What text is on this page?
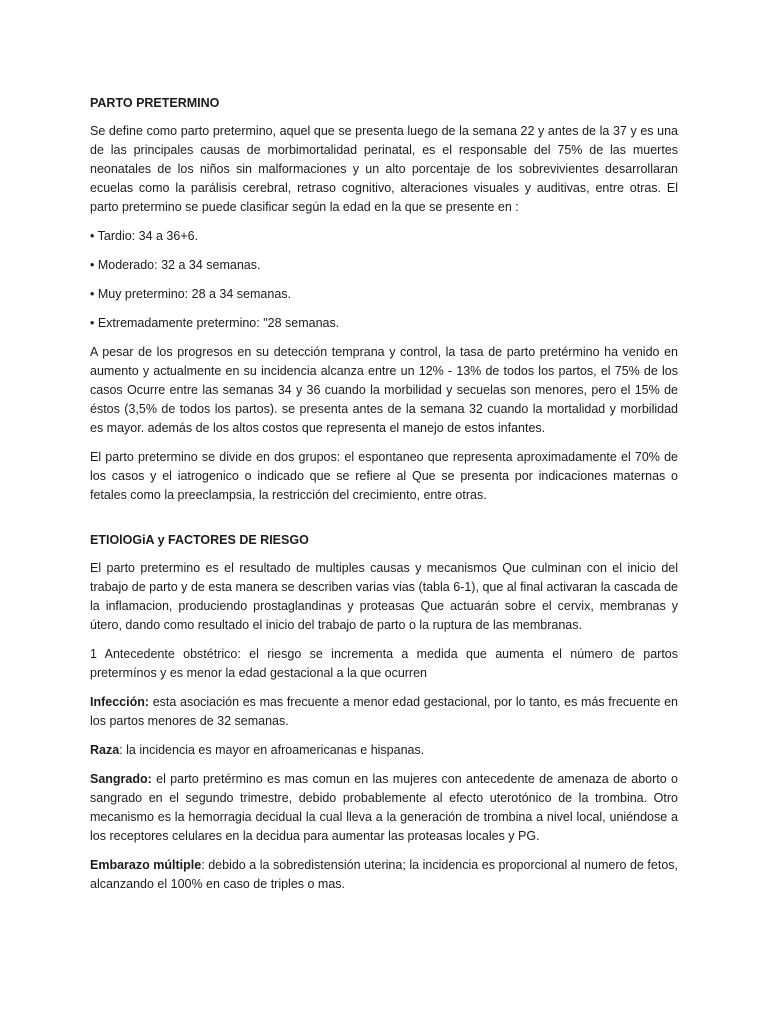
PARTO PRETERMINO

Se define como parto pretermino, aquel que se presenta luego de la semana 22 y antes de la 37 y es una de las principales causas de morbimortalidad perinatal, es el responsable del 75% de las muertes neonatales de los niños sin malformaciones y un alto porcentaje de los sobrevivientes desarrollaran ecuelas como la parálisis cerebral, retraso cognitivo, alteraciones visuales y auditivas, entre otras. El parto pretermino se puede clasificar según la edad en la que se presente en :

• Tardio: 34 a 36+6.
• Moderado: 32 a 34 semanas.
• Muy pretermino: 28 a 34 semanas.
• Extremadamente pretermino: "28 semanas.

A pesar de los progresos en su detección temprana y control, la tasa de parto pretérmino ha venido en aumento y actualmente en su incidencia alcanza entre un 12% - 13% de todos los partos, el 75% de los casos Ocurre entre las semanas 34 y 36 cuando la morbilidad y secuelas son menores, pero el 15% de éstos (3,5% de todos los partos). se presenta antes de la semana 32 cuando la mortalidad y morbilidad es mayor. además de los altos costos que representa el manejo de estos infantes.

El parto pretermino se divide en dos grupos: el espontaneo que representa aproximadamente el 70% de los casos y el iatrogenico o indicado que se refiere al Que se presenta por indicaciones maternas o fetales como la preeclampsia, la restricción del crecimiento, entre otras.

ETIOlOGiA y FACTORES DE RIESGO

El parto pretermino es el resultado de multiples causas y mecanismos Que culminan con el inicio del trabajo de parto y de esta manera se describen varias vias (tabla 6-1), que al final activaran la cascada de la inflamacion, produciendo prostaglandinas y proteasas Que actuarán sobre el cervix, membranas y útero, dando como resultado el inicio del trabajo de parto o la ruptura de las membranas.

1 Antecedente obstétrico: el riesgo se incrementa a medida que aumenta el número de partos pretermínos y es menor la edad gestacional a la que ocurren

Infección: esta asociación es mas frecuente a menor edad gestacional, por lo tanto, es más frecuente en los partos menores de 32 semanas.

Raza: la incidencia es mayor en afroamericanas e hispanas.

Sangrado: el parto pretérmino es mas comun en las mujeres con antecedente de amenaza de aborto o sangrado en el segundo trimestre, debido probablemente al efecto uterotónico de la trombina. Otro mecanismo es la hemorragia decidual la cual lleva a la generación de trombina a nivel local, uniéndose a los receptores celulares en la decidua para aumentar las proteasas locales y PG.

Embarazo múltiple: debido a la sobredistensión uterina; la incidencia es proporcional al numero de fetos, alcanzando el 100% en caso de triples o mas.
